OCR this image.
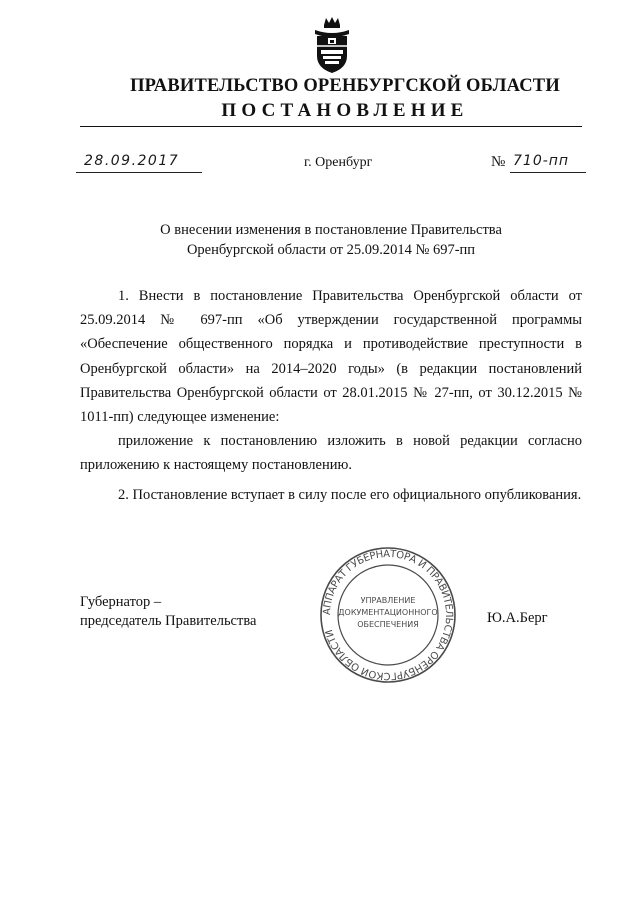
ПРАВИТЕЛЬСТВО ОРЕНБУРГСКОЙ ОБЛАСТИ
ПОСТАНОВЛЕНИЕ
28.09.2017	г. Оренбург	№ 710-пп
О внесении изменения в постановление Правительства
Оренбургской области от 25.09.2014 № 697-пп

1. Внести в постановление Правительства Оренбургской области от 25.09.2014 № 697-пп «Об утверждении государственной программы «Обеспечение общественного порядка и противодействие преступности в Оренбургской области» на 2014–2020 годы» (в редакции постановлений Правительства Оренбургской области от 28.01.2015 № 27-пп, от 30.12.2015 № 1011-пп) следующее изменение:

приложение к постановлению изложить в новой редакции согласно приложению к настоящему постановлению.

2. Постановление вступает в силу после его официального опубликования.

Губернатор –
председатель Правительства	Ю.А.Берг
АППАРАТ ГУБЕРНАТОРА И ПРАВИТЕЛЬСТВА ОРЕНБУРГСКОЙ ОБЛАСТИ
УПРАВЛЕНИЕ
ДОКУМЕНТАЦИОННОГО
ОБЕСПЕЧЕНИЯ
